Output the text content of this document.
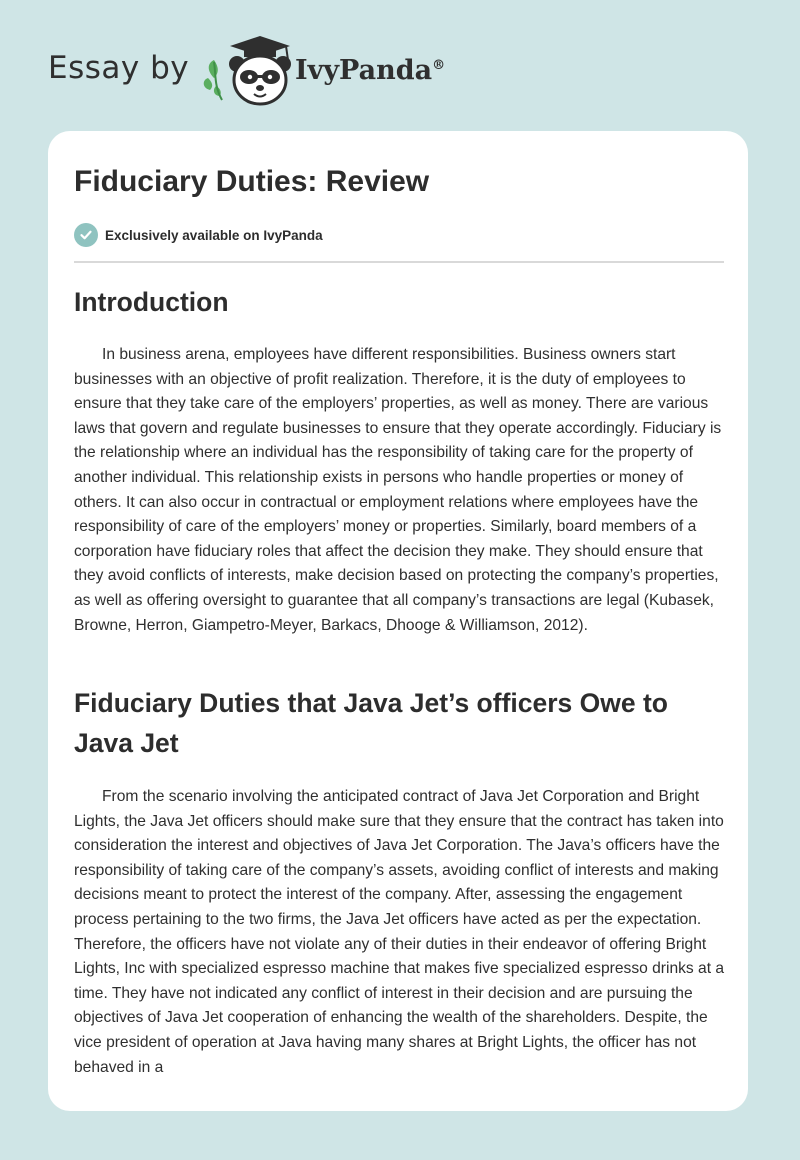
Essay by	IvyPanda®
Fiduciary Duties: Review
Exclusively available on IvyPanda
Introduction

In business arena, employees have different responsibilities. Business owners start businesses with an objective of profit realization. Therefore, it is the duty of employees to ensure that they take care of the employers’ properties, as well as money. There are various laws that govern and regulate businesses to ensure that they operate accordingly. Fiduciary is the relationship where an individual has the responsibility of taking care for the property of another individual. This relationship exists in persons who handle properties or money of others. It can also occur in contractual or employment relations where employees have the responsibility of care of the employers’ money or properties. Similarly, board members of a corporation have fiduciary roles that affect the decision they make. They should ensure that they avoid conflicts of interests, make decision based on protecting the company’s properties, as well as offering oversight to guarantee that all company’s transactions are legal (Kubasek, Browne, Herron, Giampetro-Meyer, Barkacs, Dhooge & Williamson, 2012).

Fiduciary Duties that Java Jet’s officers Owe to Java Jet

From the scenario involving the anticipated contract of Java Jet Corporation and Bright Lights, the Java Jet officers should make sure that they ensure that the contract has taken into consideration the interest and objectives of Java Jet Corporation. The Java’s officers have the responsibility of taking care of the company’s assets, avoiding conflict of interests and making decisions meant to protect the interest of the company. After, assessing the engagement process pertaining to the two firms, the Java Jet officers have acted as per the expectation. Therefore, the officers have not violate any of their duties in their endeavor of offering Bright Lights, Inc with specialized espresso machine that makes five specialized espresso drinks at a time. They have not indicated any conflict of interest in their decision and are pursuing the objectives of Java Jet cooperation of enhancing the wealth of the shareholders. Despite, the vice president of operation at Java having many shares at Bright Lights, the officer has not behaved in a
